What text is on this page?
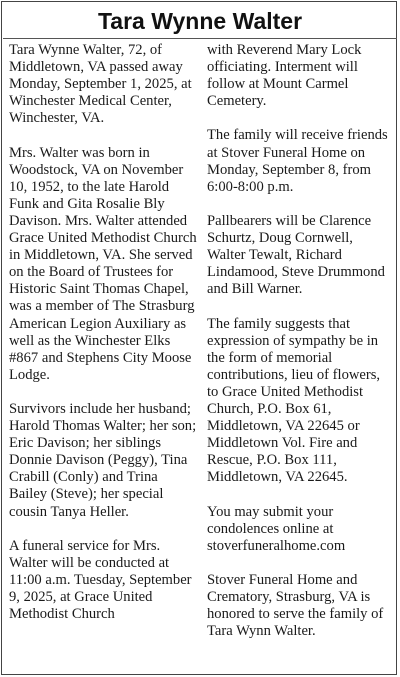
Tara Wynne Walter

Tara Wynne Walter, 72, of Middletown, VA passed away Monday, September 1, 2025, at Winchester Medical Center, Winchester, VA.

Mrs. Walter was born in Woodstock, VA on November 10, 1952, to the late Harold Funk and Gita Rosalie Bly Davison. Mrs. Walter attended Grace United Methodist Church in Middletown, VA. She served on the Board of Trustees for Historic Saint Thomas Chapel, was a member of The Strasburg American Legion Auxiliary as well as the Winchester Elks #867 and Stephens City Moose Lodge.

Survivors include her husband; Harold Thomas Walter; her son; Eric Davison; her siblings Donnie Davison (Peggy), Tina Crabill (Conly) and Trina Bailey (Steve); her special cousin Tanya Heller.

A funeral service for Mrs. Walter will be conducted at 11:00 a.m. Tuesday, September 9, 2025, at Grace United Methodist Church

with Reverend Mary Lock officiating. Interment will follow at Mount Carmel Cemetery.

The family will receive friends at Stover Funeral Home on Monday, September 8, from 6:00-8:00 p.m.

Pallbearers will be Clarence Schurtz, Doug Cornwell, Walter Tewalt, Richard Lindamood, Steve Drummond and Bill Warner.

The family suggests that expression of sympathy be in the form of memorial contributions, lieu of flowers, to Grace United Methodist Church, P.O. Box 61, Middletown, VA 22645 or Middletown Vol. Fire and Rescue, P.O. Box 111, Middletown, VA 22645.

You may submit your condolences online at stoverfuneralhome.com

Stover Funeral Home and Crematory, Strasburg, VA is honored to serve the family of Tara Wynn Walter.
